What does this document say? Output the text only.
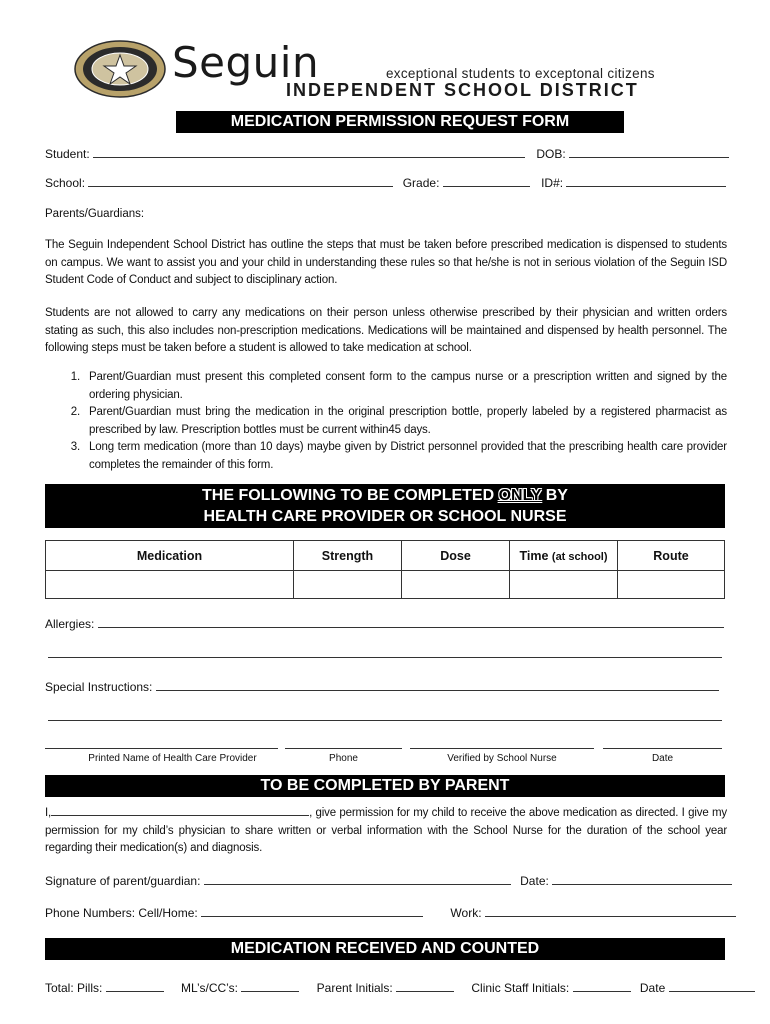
Seguin	exceptional students to exceptonal citizens
INDEPENDENT SCHOOL DISTRICT
MEDICATION PERMISSION REQUEST FORM
Student:	DOB:
School:	Grade:	ID#:
Parents/Guardians:
The Seguin Independent School District has outline the steps that must be taken before prescribed medication is dispensed to students on campus. We want to assist you and your child in understanding these rules so that he/she is not in serious violation of the Seguin ISD Student Code of Conduct and subject to disciplinary action.
Students are not allowed to carry any medications on their person unless otherwise prescribed by their physician and written orders stating as such, this also includes non-prescription medications. Medications will be maintained and dispensed by health personnel. The following steps must be taken before a student is allowed to take medication at school.
1. Parent/Guardian must present this completed consent form to the campus nurse or a prescription written and signed by the ordering physician.
2. Parent/Guardian must bring the medication in the original prescription bottle, properly labeled by a registered pharmacist as prescribed by law. Prescription bottles must be current within45 days.
3. Long term medication (more than 10 days) maybe given by District personnel provided that the prescribing health care provider completes the remainder of this form.
THE FOLLOWING TO BE COMPLETED ONLY BY
HEALTH CARE PROVIDER OR SCHOOL NURSE
Medication	Strength	Dose	Time (at school)	Route

Allergies:
Special Instructions:
Printed Name of Health Care Provider	Phone	Verified by School Nurse	Date
TO BE COMPLETED BY PARENT
I,	, give permission for my child to receive the above medication as directed. I give my permission for my child’s physician to share written or verbal information with the School Nurse for the duration of the school year regarding their medication(s) and diagnosis.
Signature of parent/guardian:	Date:
Phone Numbers: Cell/Home:	Work:
MEDICATION RECEIVED AND COUNTED
Total: Pills:	ML’s/CC’s:	Parent Initials:	Clinic Staff Initials:	Date
